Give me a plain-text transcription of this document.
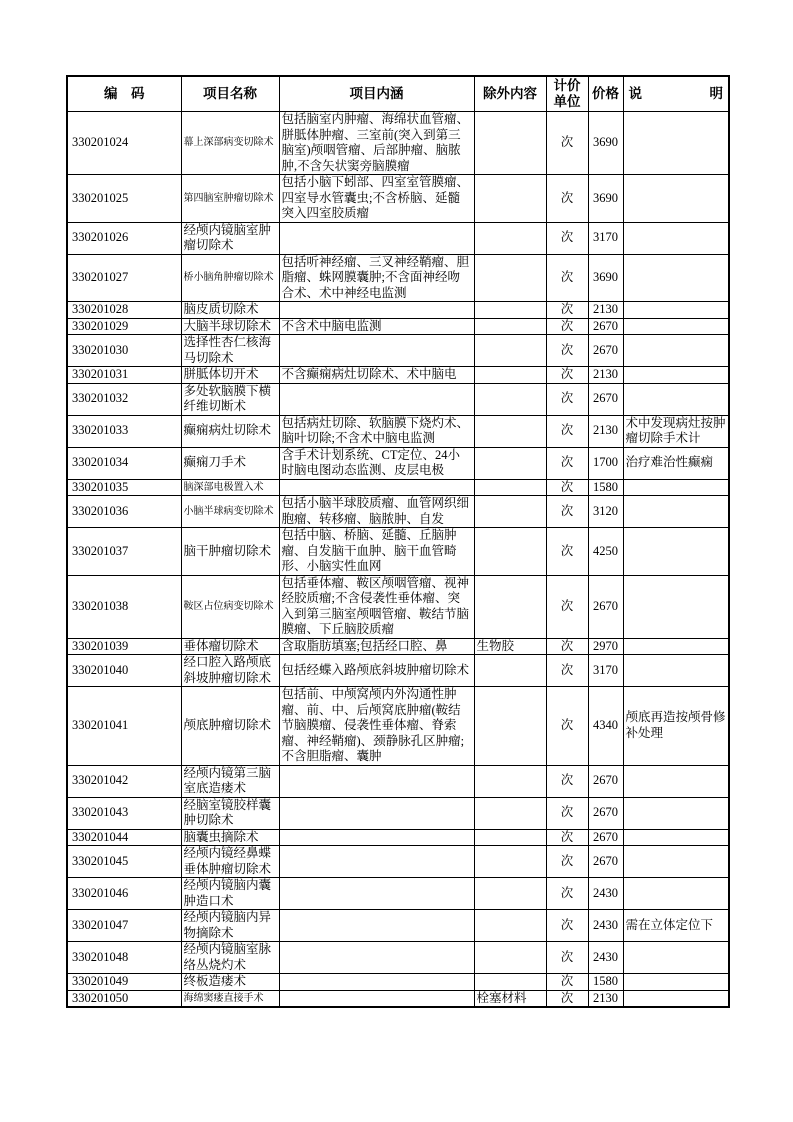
编　码	项目名称	项目内涵	除外内容	计价单位	价格	说　　　　　明
330201024	幕上深部病变切除术	包括脑室内肿瘤、海绵状血管瘤、胼胝体肿瘤、三室前(突入到第三脑室)颅咽管瘤、后部肿瘤、脑脓肿,不含矢状窦旁脑膜瘤		次	3690	
330201025	第四脑室肿瘤切除术	包括小脑下蚓部、四室室管膜瘤、四室导水管囊虫;不含桥脑、延髓突入四室胶质瘤		次	3690	
330201026	经颅内镜脑室肿瘤切除术			次	3170	
330201027	桥小脑角肿瘤切除术	包括听神经瘤、三叉神经鞘瘤、胆脂瘤、蛛网膜囊肿;不含面神经吻合术、术中神经电监测		次	3690	
330201028	脑皮质切除术			次	2130	
330201029	大脑半球切除术	不含术中脑电监测		次	2670	
330201030	选择性杏仁核海马切除术			次	2670	
330201031	胼胝体切开术	不含癫痫病灶切除术、术中脑电		次	2130	
330201032	多处软脑膜下横纤维切断术			次	2670	
330201033	癫痫病灶切除术	包括病灶切除、软脑膜下烧灼术、脑叶切除;不含术中脑电监测		次	2130	术中发现病灶按肿瘤切除手术计
330201034	癫痫刀手术	含手术计划系统、CT定位、24小时脑电图动态监测、皮层电极		次	1700	治疗难治性癫痫
330201035	脑深部电极置入术			次	1580	
330201036	小脑半球病变切除术	包括小脑半球胶质瘤、血管网织细胞瘤、转移瘤、脑脓肿、自发		次	3120	
330201037	脑干肿瘤切除术	包括中脑、桥脑、延髓、丘脑肿瘤、自发脑干血肿、脑干血管畸形、小脑实性血网		次	4250	
330201038	鞍区占位病变切除术	包括垂体瘤、鞍区颅咽管瘤、视神经胶质瘤;不含侵袭性垂体瘤、突入到第三脑室颅咽管瘤、鞍结节脑膜瘤、下丘脑胶质瘤		次	2670	
330201039	垂体瘤切除术	含取脂肪填塞;包括经口腔、鼻	生物胶	次	2970	
330201040	经口腔入路颅底斜坡肿瘤切除术	包括经蝶入路颅底斜坡肿瘤切除术		次	3170	
330201041	颅底肿瘤切除术	包括前、中颅窝颅内外沟通性肿瘤、前、中、后颅窝底肿瘤(鞍结节脑膜瘤、侵袭性垂体瘤、脊索瘤、神经鞘瘤)、颈静脉孔区肿瘤;不含胆脂瘤、囊肿		次	4340	颅底再造按颅骨修补处理
330201042	经颅内镜第三脑室底造瘘术			次	2670	
330201043	经脑室镜胶样囊肿切除术			次	2670	
330201044	脑囊虫摘除术			次	2670	
330201045	经颅内镜经鼻蝶垂体肿瘤切除术			次	2670	
330201046	经颅内镜脑内囊肿造口术			次	2430	
330201047	经颅内镜脑内异物摘除术			次	2430	需在立体定位下
330201048	经颅内镜脑室脉络丛烧灼术			次	2430	
330201049	终板造瘘术			次	1580	
330201050	海绵窦瘘直接手术		栓塞材料	次	2130	
